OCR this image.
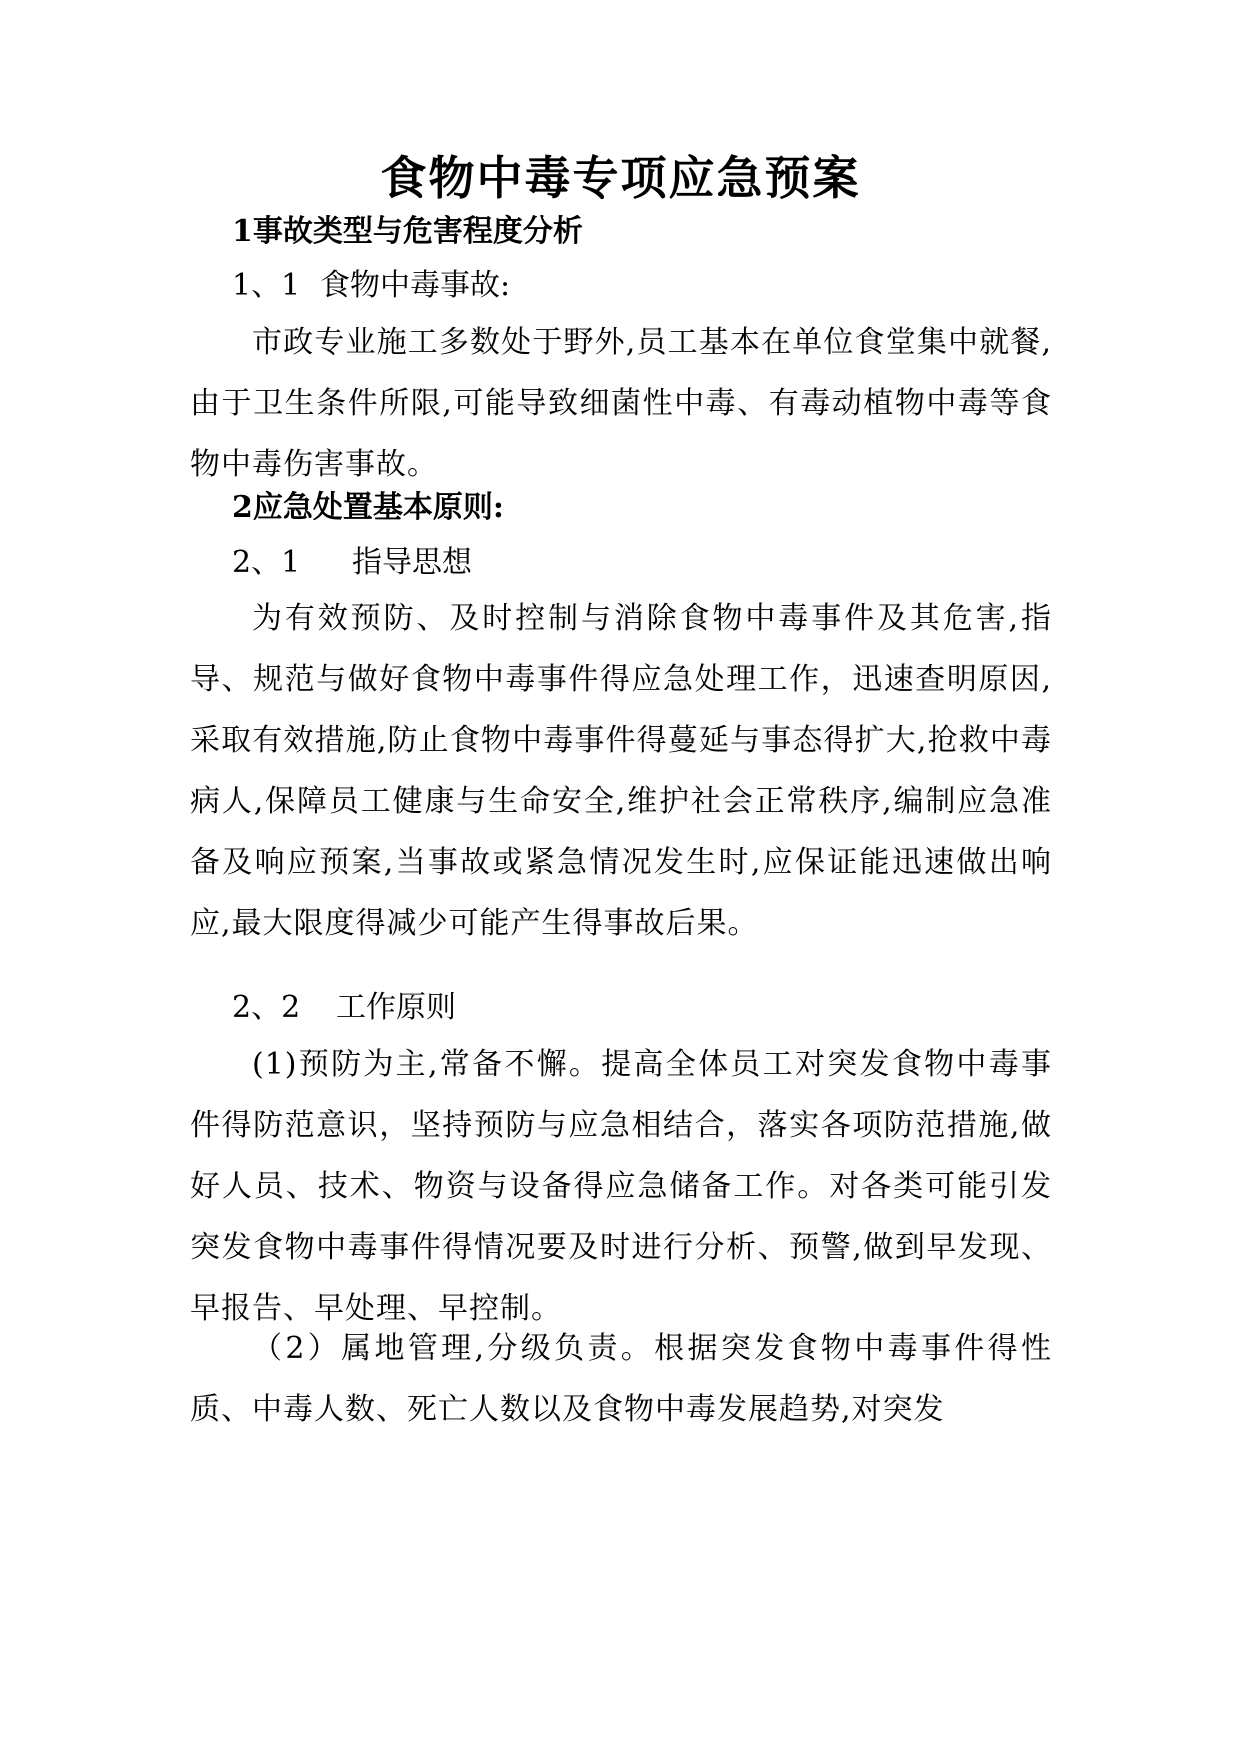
食物中毒专项应急预案
1事故类型与危害程度分析

1、1 食物中毒事故:

市政专业施工多数处于野外,员工基本在单位食堂集中就餐,由于卫生条件所限,可能导致细菌性中毒、有毒动植物中毒等食物中毒伤害事故。

2应急处置基本原则:

2、1 指导思想

为有效预防、及时控制与消除食物中毒事件及其危害,指导、规范与做好食物中毒事件得应急处理工作，迅速查明原因,采取有效措施,防止食物中毒事件得蔓延与事态得扩大,抢救中毒病人,保障员工健康与生命安全,维护社会正常秩序,编制应急准备及响应预案,当事故或紧急情况发生时,应保证能迅速做出响应,最大限度得减少可能产生得事故后果。

2、2 工作原则

(1)预防为主,常备不懈。提高全体员工对突发食物中毒事件得防范意识，坚持预防与应急相结合，落实各项防范措施,做好人员、技术、物资与设备得应急储备工作。对各类可能引发突发食物中毒事件得情况要及时进行分析、预警,做到早发现、早报告、早处理、早控制。

（2）属地管理,分级负责。根据突发食物中毒事件得性质、中毒人数、死亡人数以及食物中毒发展趋势,对突发
